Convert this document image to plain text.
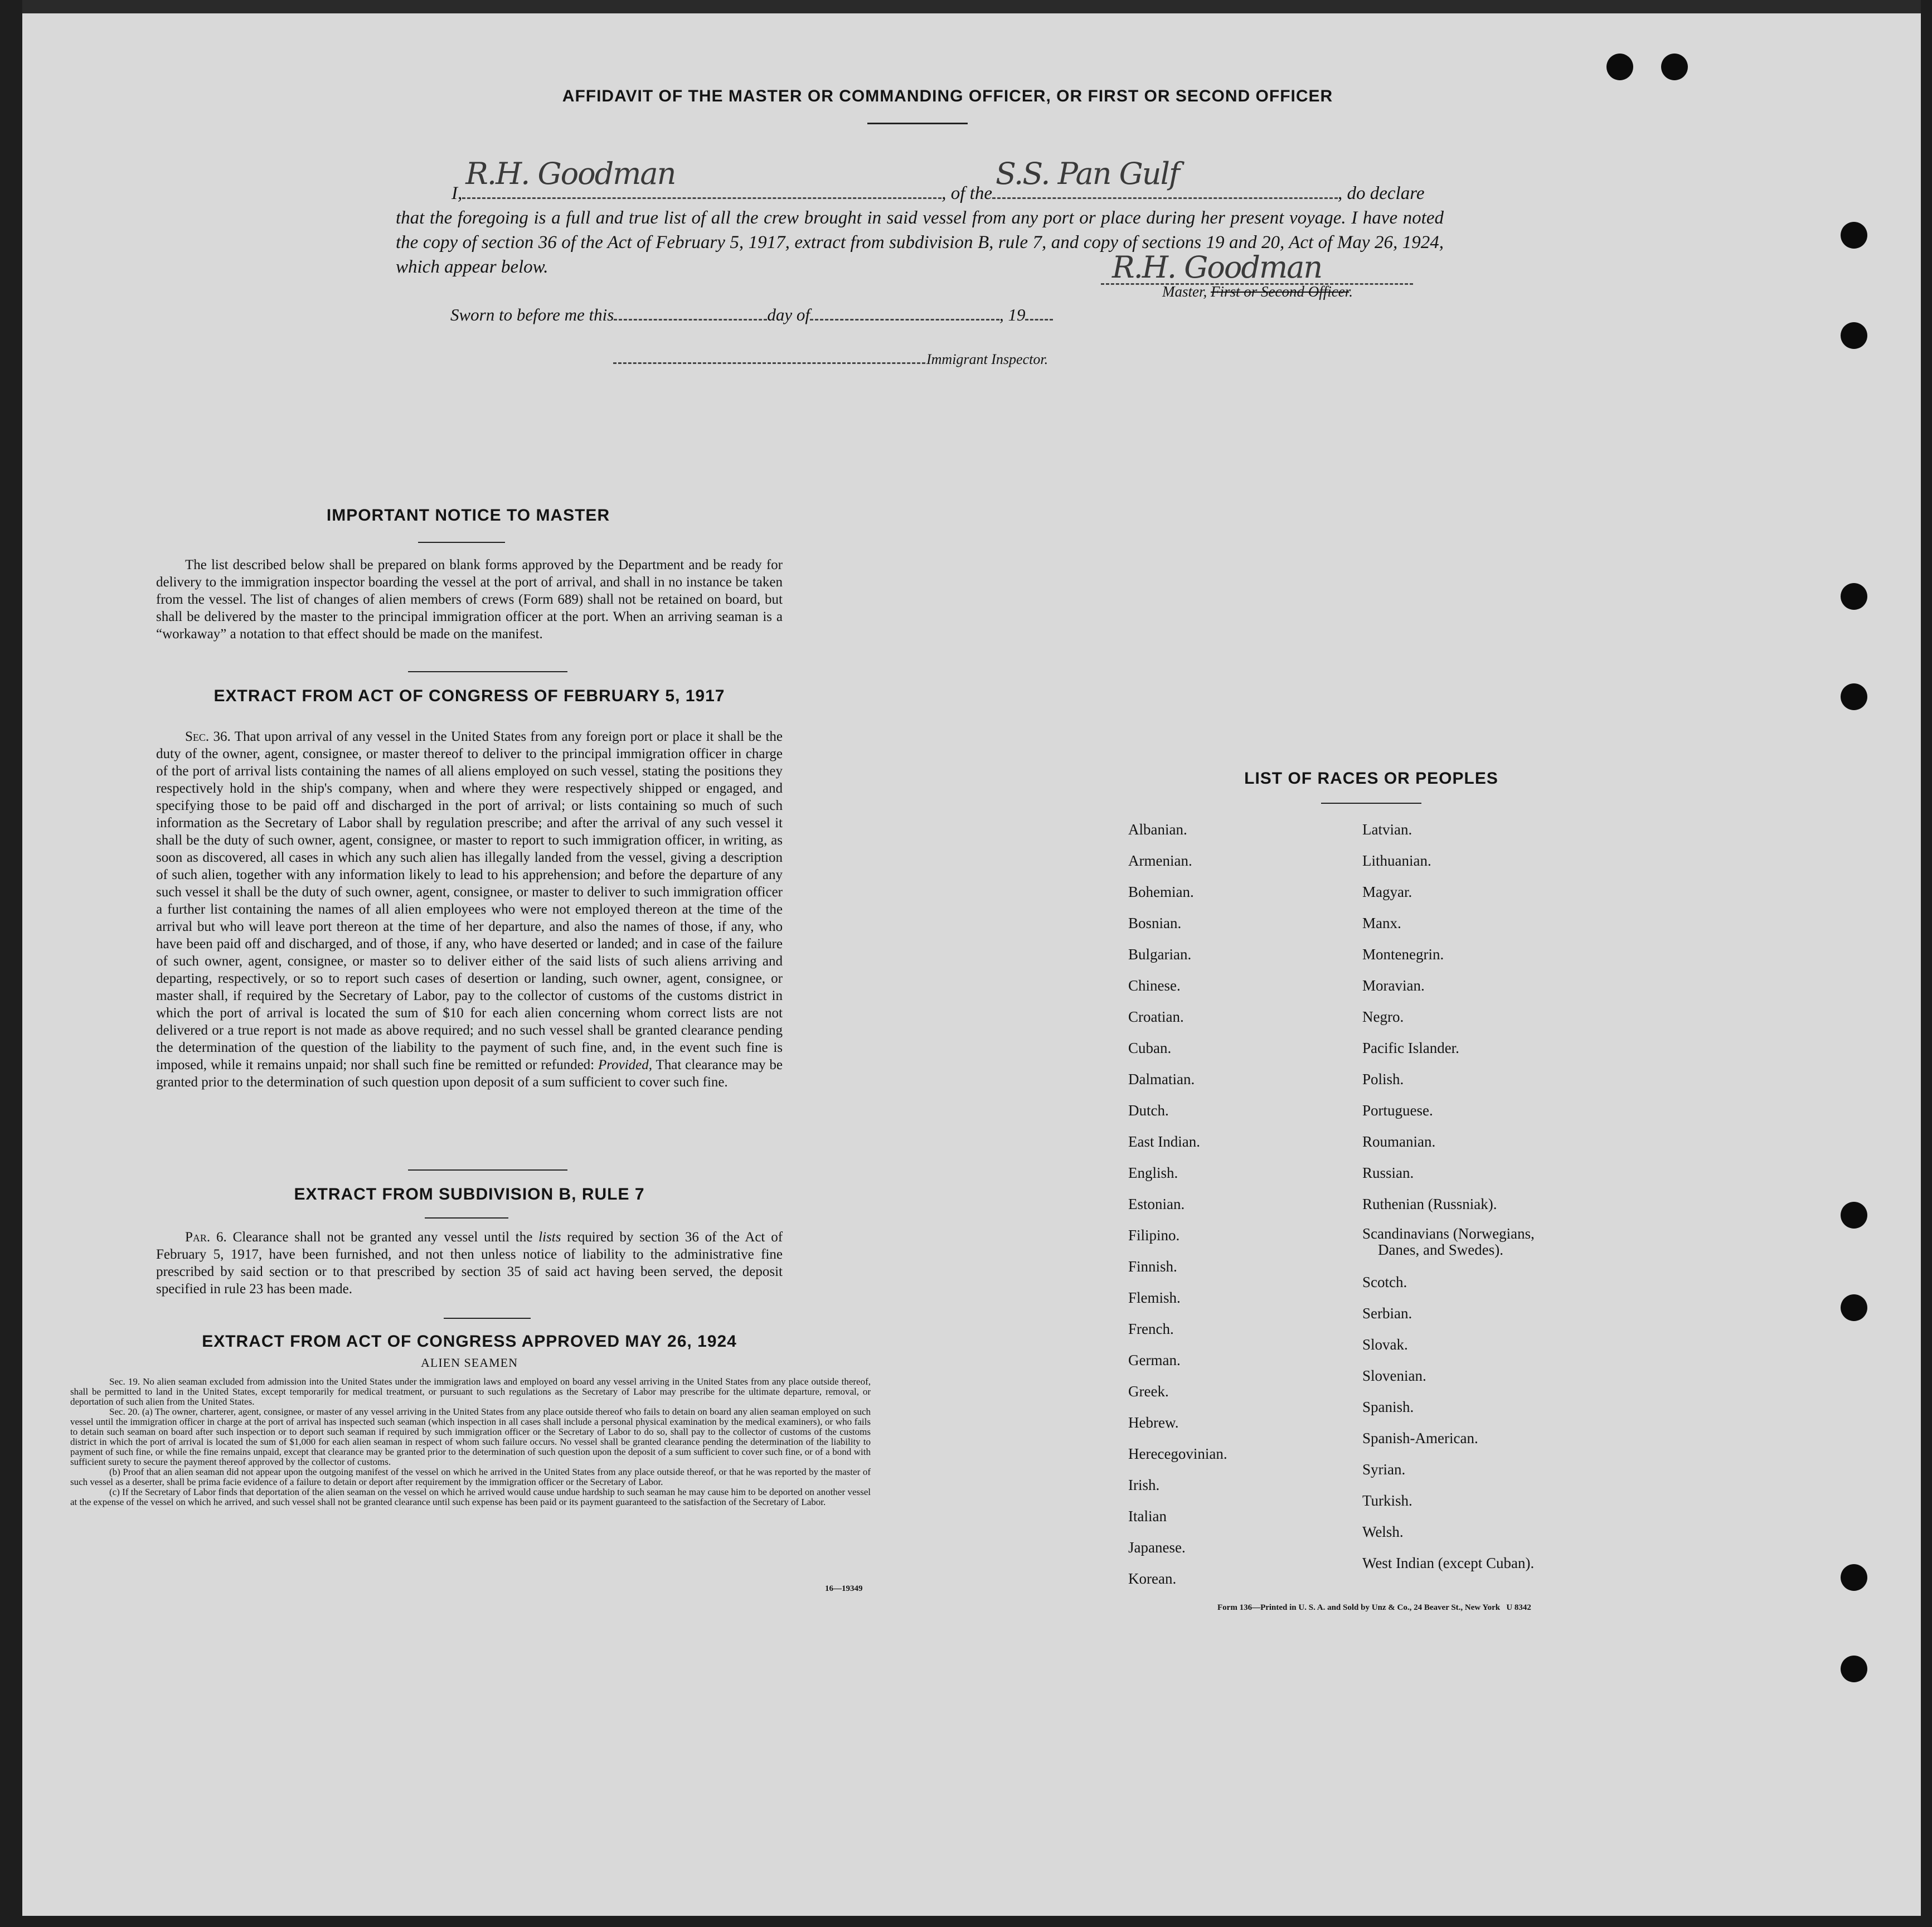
AFFIDAVIT OF THE MASTER OR COMMANDING OFFICER, OR FIRST OR SECOND OFFICER
I,
R.H. Goodman
, of the
S.S. Pan Gulf
, do declare
that the foregoing is a full and true list of all the crew brought in said vessel from any port or place during her present voyage. I have noted the copy of section 36 of the Act of February 5, 1917, extract from subdivision B, rule 7, and copy of sections 19 and 20, Act of May 26, 1924, which appear below.	R.H. Goodman
Master, First or Second Officer.
Sworn to before me this	day of	, 19
Immigrant Inspector.
IMPORTANT NOTICE TO MASTER
The list described below shall be prepared on blank forms approved by the Department and be ready for delivery to the immigration inspector boarding the vessel at the port of arrival, and shall in no instance be taken from the vessel. The list of changes of alien members of crews (Form 689) shall not be retained on board, but shall be delivered by the master to the principal immigration officer at the port. When an arriving seaman is a “workaway” a notation to that effect should be made on the manifest.
EXTRACT FROM ACT OF CONGRESS OF FEBRUARY 5, 1917
Sec. 36. That upon arrival of any vessel in the United States from any foreign port or place it shall be the duty of the owner, agent, consignee, or master thereof to deliver to the principal immigration officer in charge of the port of arrival lists containing the names of all aliens employed on such vessel, stating the positions they respectively hold in the ship's company, when and where they were respectively shipped or engaged, and specifying those to be paid off and discharged in the port of arrival; or lists containing so much of such information as the Secretary of Labor shall by regulation prescribe; and after the arrival of any such vessel it shall be the duty of such owner, agent, consignee, or master to report to such immigration officer, in writing, as soon as discovered, all cases in which any such alien has illegally landed from the vessel, giving a description of such alien, together with any information likely to lead to his apprehension; and before the departure of any such vessel it shall be the duty of such owner, agent, consignee, or master to deliver to such immigration officer a further list containing the names of all alien employees who were not employed thereon at the time of the arrival but who will leave port thereon at the time of her departure, and also the names of those, if any, who have been paid off and discharged, and of those, if any, who have deserted or landed; and in case of the failure of such owner, agent, consignee, or master so to deliver either of the said lists of such aliens arriving and departing, respectively, or so to report such cases of desertion or landing, such owner, agent, consignee, or master shall, if required by the Secretary of Labor, pay to the collector of customs of the customs district in which the port of arrival is located the sum of $10 for each alien concerning whom correct lists are not delivered or a true report is not made as above required; and no such vessel shall be granted clearance pending the determination of the question of the liability to the payment of such fine, and, in the event such fine is imposed, while it remains unpaid; nor shall such fine be remitted or refunded: Provided, That clearance may be granted prior to the determination of such question upon deposit of a sum sufficient to cover such fine.
EXTRACT FROM SUBDIVISION B, RULE 7
Par. 6. Clearance shall not be granted any vessel until the lists required by section 36 of the Act of February 5, 1917, have been furnished, and not then unless notice of liability to the administrative fine prescribed by said section or to that prescribed by section 35 of said act having been served, the deposit specified in rule 23 has been made.
EXTRACT FROM ACT OF CONGRESS APPROVED MAY 26, 1924
ALIEN SEAMEN
Sec. 19. No alien seaman excluded from admission into the United States under the immigration laws and employed on board any vessel arriving in the United States from any place outside thereof, shall be permitted to land in the United States, except temporarily for medical treatment, or pursuant to such regulations as the Secretary of Labor may prescribe for the ultimate departure, removal, or deportation of such alien from the United States.
Sec. 20. (a) The owner, charterer, agent, consignee, or master of any vessel arriving in the United States from any place outside thereof who fails to detain on board any alien seaman employed on such vessel until the immigration officer in charge at the port of arrival has inspected such seaman (which inspection in all cases shall include a personal physical examination by the medical examiners), or who fails to detain such seaman on board after such inspection or to deport such seaman if required by such immigration officer or the Secretary of Labor to do so, shall pay to the collector of customs of the customs district in which the port of arrival is located the sum of $1,000 for each alien seaman in respect of whom such failure occurs. No vessel shall be granted clearance pending the determination of the liability to payment of such fine, or while the fine remains unpaid, except that clearance may be granted prior to the determination of such question upon the deposit of a sum sufficient to cover such fine, or of a bond with sufficient surety to secure the payment thereof approved by the collector of customs.
(b) Proof that an alien seaman did not appear upon the outgoing manifest of the vessel on which he arrived in the United States from any place outside thereof, or that he was reported by the master of such vessel as a deserter, shall be prima facie evidence of a failure to detain or deport after requirement by the immigration officer or the Secretary of Labor.
(c) If the Secretary of Labor finds that deportation of the alien seaman on the vessel on which he arrived would cause undue hardship to such seaman he may cause him to be deported on another vessel at the expense of the vessel on which he arrived, and such vessel shall not be granted clearance until such expense has been paid or its payment guaranteed to the satisfaction of the Secretary of Labor.
16—19349
LIST OF RACES OR PEOPLES
Albanian.
Armenian.
Bohemian.
Bosnian.
Bulgarian.
Chinese.
Croatian.
Cuban.
Dalmatian.
Dutch.
East Indian.
English.
Estonian.
Filipino.
Finnish.
Flemish.
French.
German.
Greek.
Hebrew.
Herecegovinian.
Irish.
Italian
Japanese.
Korean.
Latvian.
Lithuanian.
Magyar.
Manx.
Montenegrin.
Moravian.
Negro.
Pacific Islander.
Polish.
Portuguese.
Roumanian.
Russian.
Ruthenian (Russniak).
Scandinavians (Norwegians,
Danes, and Swedes).
Scotch.
Serbian.
Slovak.
Slovenian.
Spanish.
Spanish-American.
Syrian.
Turkish.
Welsh.
West Indian (except Cuban).
Form 136—Printed in U. S. A. and Sold by Unz & Co., 24 Beaver St., New York   U 8342
